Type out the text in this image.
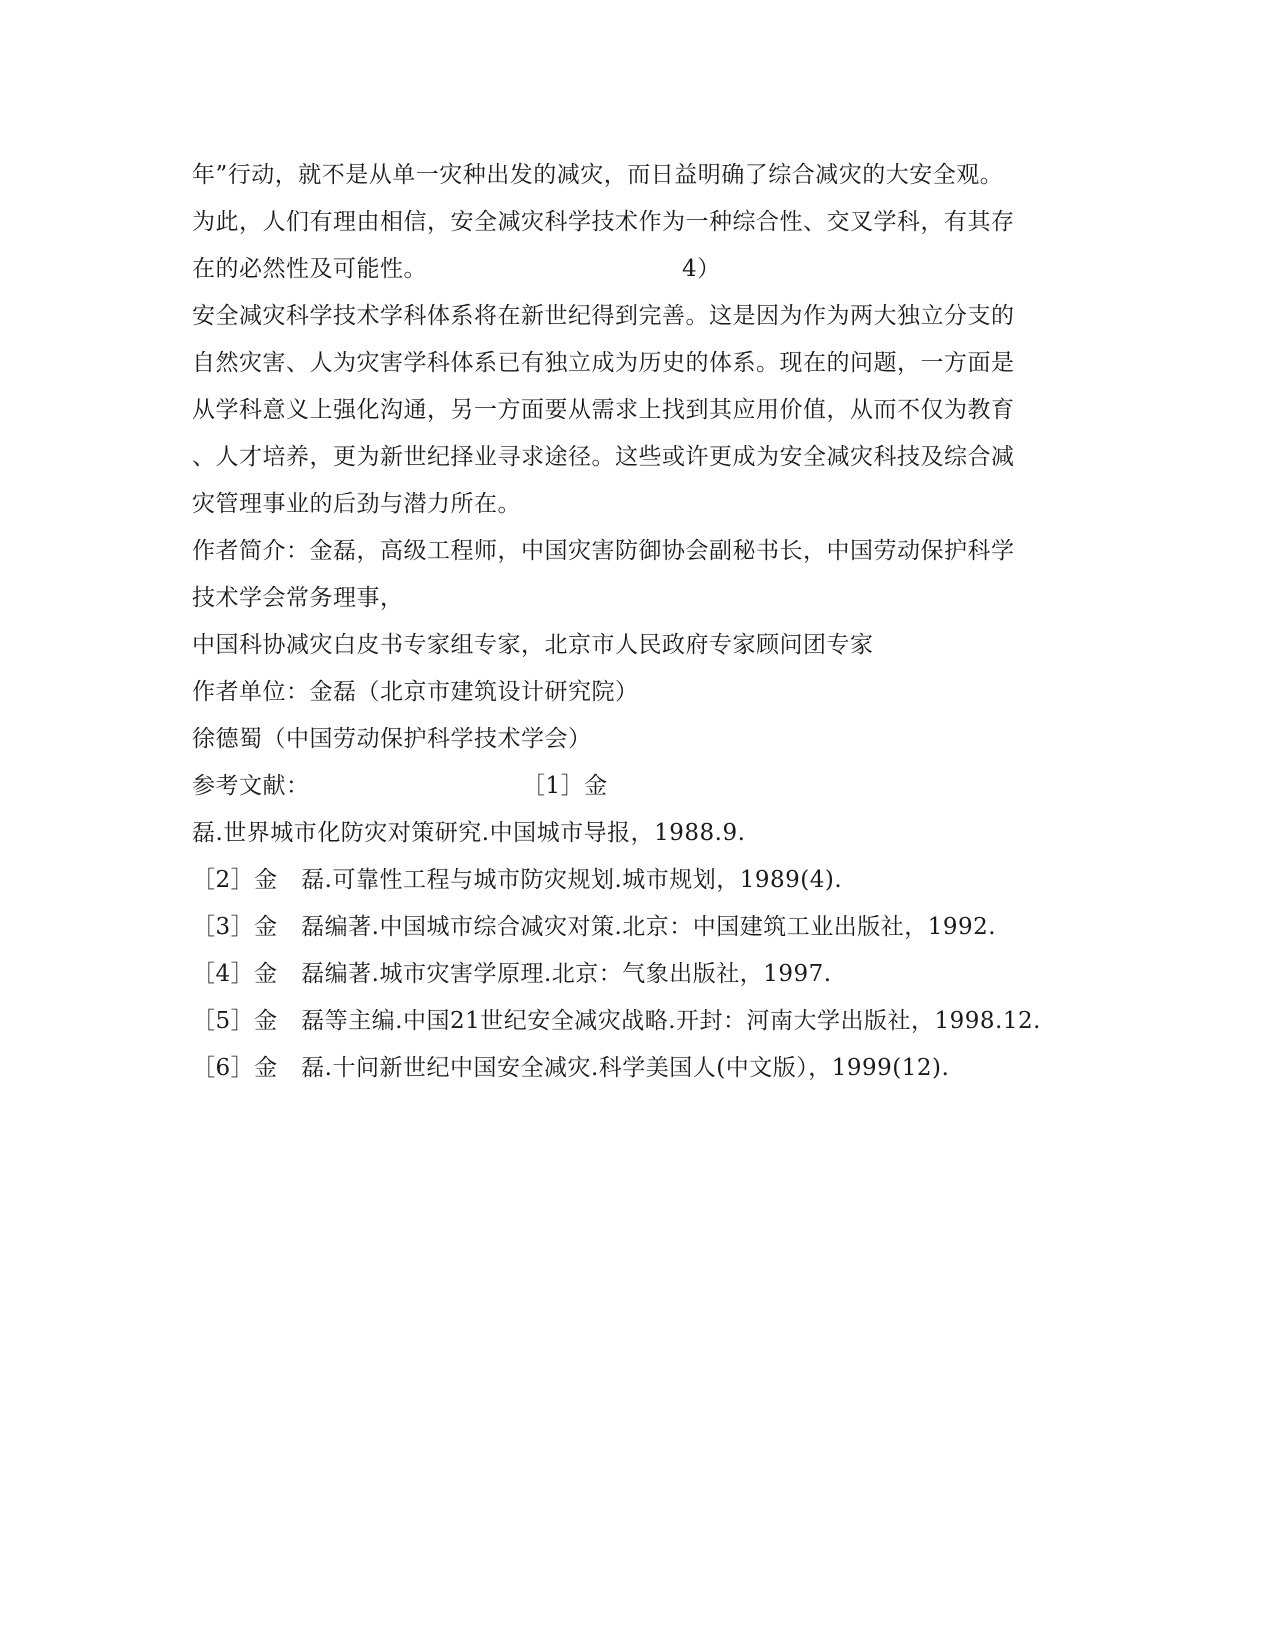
年”行动，就不是从单一灾种出发的减灾，而日益明确了综合减灾的大安全观。
为此，人们有理由相信，安全减灾科学技术作为一种综合性、交叉学科，有其存
在的必然性及可能性。	4）
安全减灾科学技术学科体系将在新世纪得到完善。这是因为作为两大独立分支的
自然灾害、人为灾害学科体系已有独立成为历史的体系。现在的问题，一方面是
从学科意义上强化沟通，另一方面要从需求上找到其应用价值，从而不仅为教育
、人才培养，更为新世纪择业寻求途径。这些或许更成为安全减灾科技及综合减
灾管理事业的后劲与潜力所在。
作者简介：金磊，高级工程师，中国灾害防御协会副秘书长，中国劳动保护科学
技术学会常务理事，
中国科协减灾白皮书专家组专家，北京市人民政府专家顾问团专家
作者单位：金磊（北京市建筑设计研究院）
徐德蜀（中国劳动保护科学技术学会）
参考文献：	［1］金
磊.世界城市化防灾对策研究.中国城市导报，1988.9.
［2］金　磊.可靠性工程与城市防灾规划.城市规划，1989(4).
［3］金　磊编著.中国城市综合减灾对策.北京：中国建筑工业出版社，1992.
［4］金　磊编著.城市灾害学原理.北京：气象出版社，1997.
［5］金　磊等主编.中国21世纪安全减灾战略.开封：河南大学出版社，1998.12.
［6］金　磊.十问新世纪中国安全减灾.科学美国人(中文版），1999(12).
